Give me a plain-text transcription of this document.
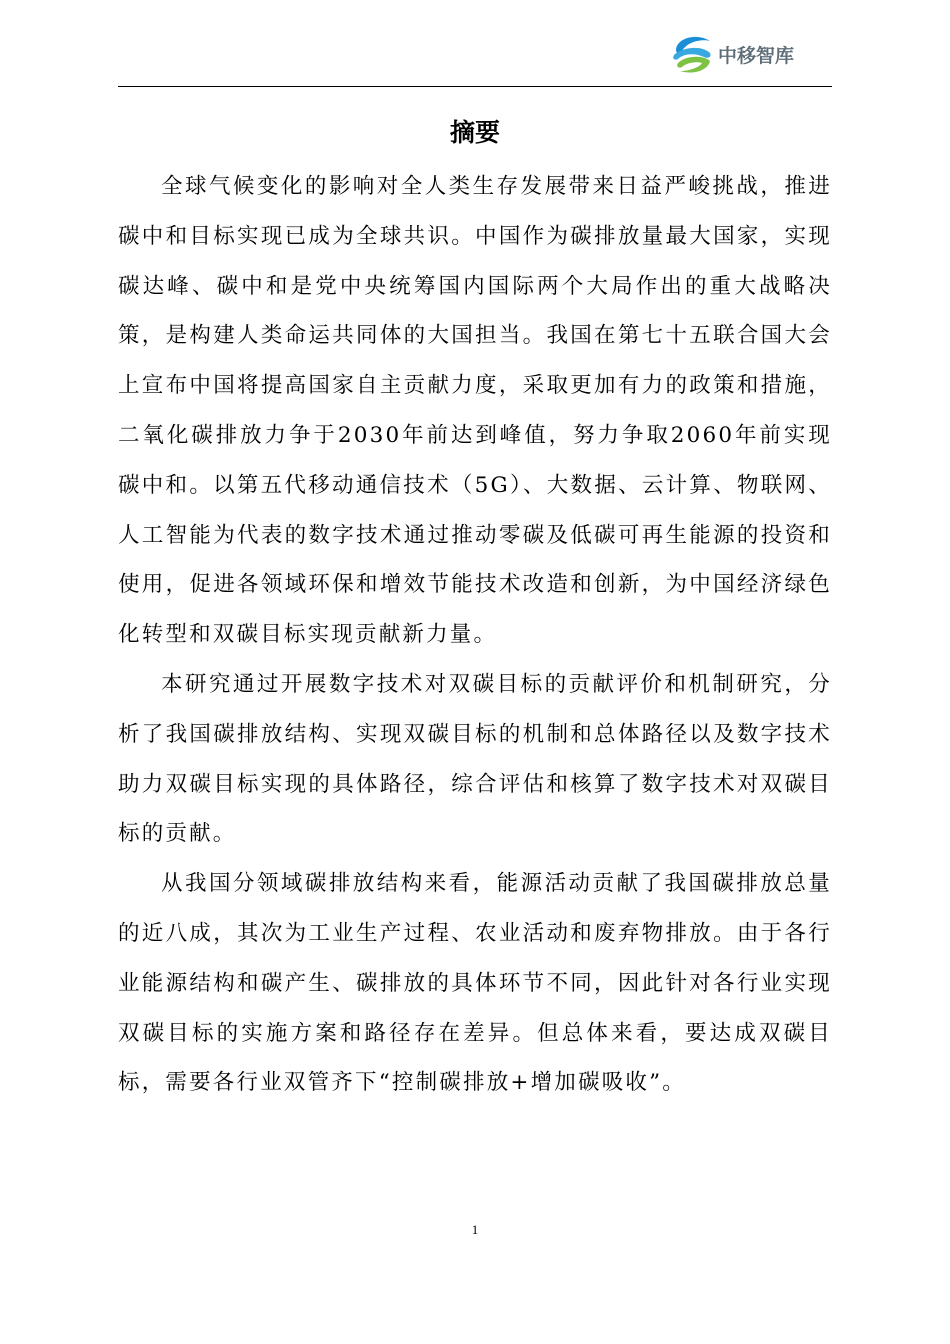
中移智库
摘要

全球气候变化的影响对全人类生存发展带来日益严峻挑战，推进碳中和目标实现已成为全球共识。中国作为碳排放量最大国家，实现碳达峰、碳中和是党中央统筹国内国际两个大局作出的重大战略决策，是构建人类命运共同体的大国担当。我国在第七十五联合国大会上宣布中国将提高国家自主贡献力度，采取更加有力的政策和措施，二氧化碳排放力争于2030年前达到峰值，努力争取2060年前实现碳中和。以第五代移动通信技术（5G）、大数据、云计算、物联网、人工智能为代表的数字技术通过推动零碳及低碳可再生能源的投资和使用，促进各领域环保和增效节能技术改造和创新，为中国经济绿色化转型和双碳目标实现贡献新力量。

本研究通过开展数字技术对双碳目标的贡献评价和机制研究，分析了我国碳排放结构、实现双碳目标的机制和总体路径以及数字技术助力双碳目标实现的具体路径，综合评估和核算了数字技术对双碳目标的贡献。

从我国分领域碳排放结构来看，能源活动贡献了我国碳排放总量的近八成，其次为工业生产过程、农业活动和废弃物排放。由于各行业能源结构和碳产生、碳排放的具体环节不同，因此针对各行业实现双碳目标的实施方案和路径存在差异。但总体来看，要达成双碳目标，需要各行业双管齐下“控制碳排放+增加碳吸收”。

1
